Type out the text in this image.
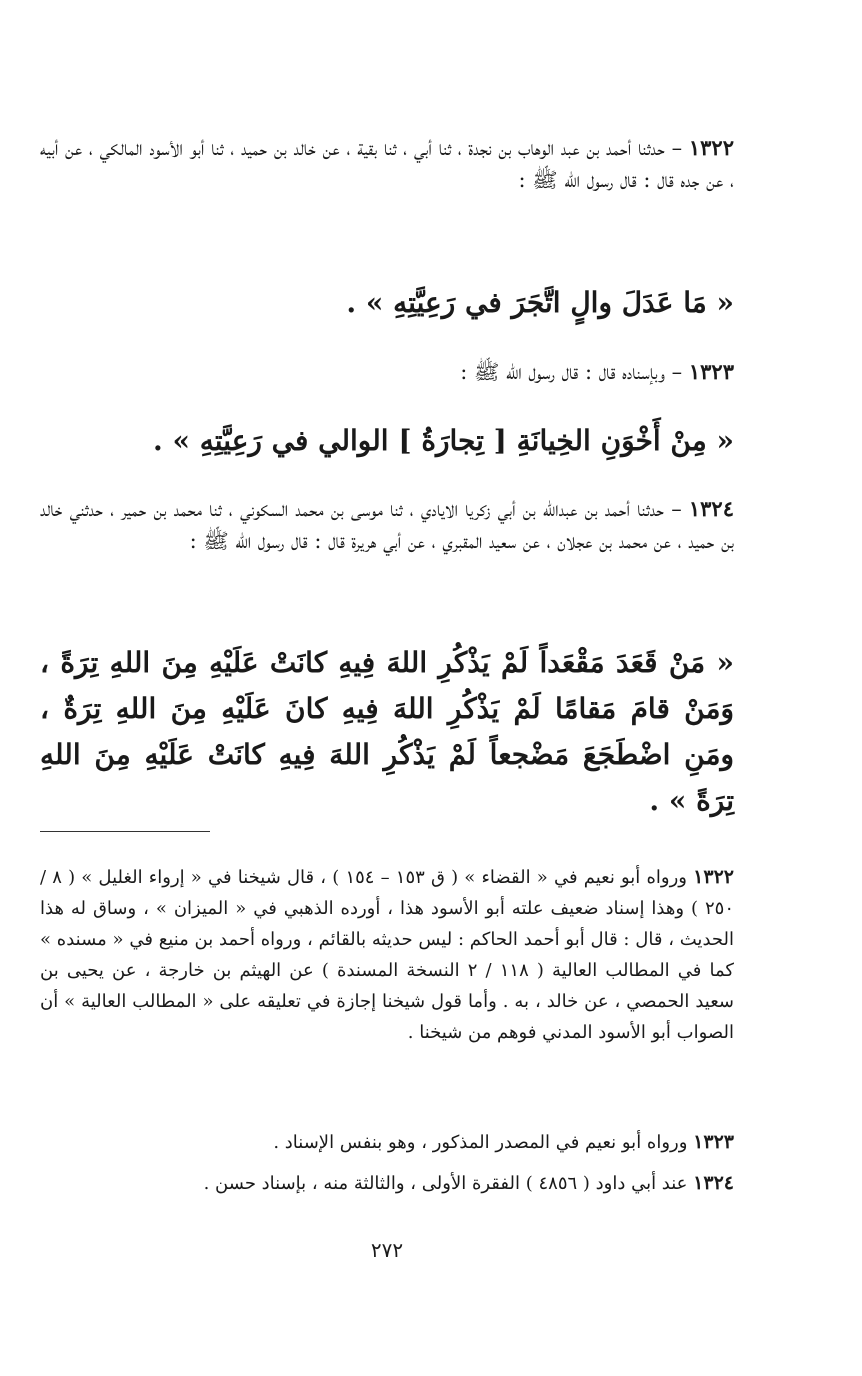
١٣٢٢ – حدثنا أحمد بن عبد الوهاب بن نجدة ، ثنا أبي ، ثنا بقية ، عن خالد بن حميد ، ثنا أبو الأسود المالكي ، عن أبيه ، عن جده قال : قال رسول الله ﷺ :
« مَا عَدَلَ والٍ اتَّجَرَ في رَعِيَّتِهِ » .
١٣٢٣ – وبإسناده قال : قال رسول الله ﷺ :
« مِنْ أَخْوَنِ الخِيانَةِ [ تِجارَةُ ] الوالي في رَعِيَّتِهِ » .
١٣٢٤ – حدثنا أحمد بن عبدالله بن أبي زكريا الايادي ، ثنا موسى بن محمد السكوني ، ثنا محمد بن حمير ، حدثني خالد بن حميد ، عن محمد بن عجلان ، عن سعيد المقبري ، عن أبي هريرة قال : قال رسول الله ﷺ :
« مَنْ قَعَدَ مَقْعَداً لَمْ يَذْكُرِ اللهَ فِيهِ كانَتْ عَلَيْهِ مِنَ اللهِ تِرَةً ، وَمَنْ قامَ مَقامًا لَمْ يَذْكُرِ اللهَ فِيهِ كانَ عَلَيْهِ مِنَ اللهِ تِرَةٌ ، ومَنِ اضْطَجَعَ مَضْجعاً لَمْ يَذْكُرِ اللهَ فِيهِ كانَتْ عَلَيْهِ مِنَ اللهِ تِرَةً » .
١٣٢٢ ورواه أبو نعيم في « القضاء » ( ق ١٥٣ – ١٥٤ ) ، قال شيخنا في « إرواء الغليل » ( ٨ / ٢٥٠ ) وهذا إسناد ضعيف علته أبو الأسود هذا ، أورده الذهبي في « الميزان » ، وساق له هذا الحديث ، قال : قال أبو أحمد الحاكم : ليس حديثه بالقائم ، ورواه أحمد بن منيع في « مسنده » كما في المطالب العالية ( ١١٨ / ٢ النسخة المسندة ) عن الهيثم بن خارجة ، عن يحيى بن سعيد الحمصي ، عن خالد ، به . وأما قول شيخنا إجازة في تعليقه على « المطالب العالية » أن الصواب أبو الأسود المدني فوهم من شيخنا .
١٣٢٣ ورواه أبو نعيم في المصدر المذكور ، وهو بنفس الإسناد .
١٣٢٤ عند أبي داود ( ٤٨٥٦ ) الفقرة الأولى ، والثالثة منه ، بإسناد حسن .
٢٧٢
